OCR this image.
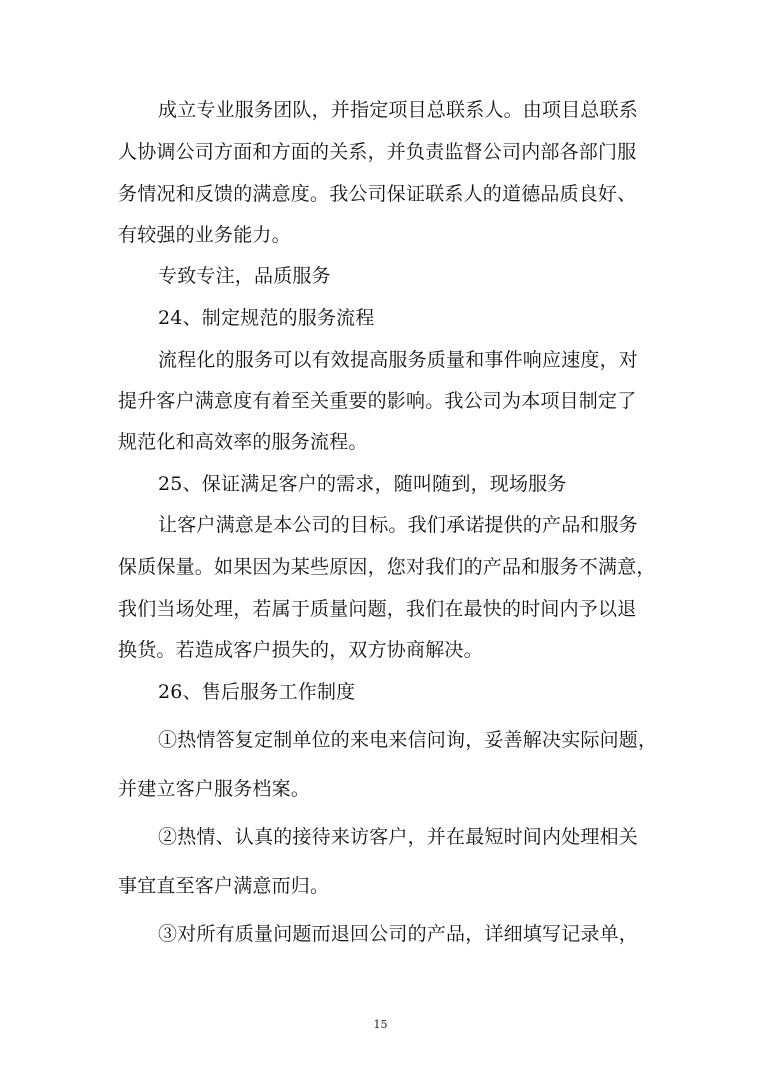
成立专业服务团队，并指定项目总联系人。由项目总联系
人协调公司方面和方面的关系，并负责监督公司内部各部门服
务情况和反馈的满意度。我公司保证联系人的道德品质良好、
有较强的业务能力。
专致专注，品质服务
24、制定规范的服务流程
流程化的服务可以有效提高服务质量和事件响应速度，对
提升客户满意度有着至关重要的影响。我公司为本项目制定了
规范化和高效率的服务流程。
25、保证满足客户的需求，随叫随到，现场服务
让客户满意是本公司的目标。我们承诺提供的产品和服务
保质保量。如果因为某些原因，您对我们的产品和服务不满意，
我们当场处理，若属于质量问题，我们在最快的时间内予以退
换货。若造成客户损失的，双方协商解决。
26、售后服务工作制度
①热情答复定制单位的来电来信问询，妥善解决实际问题，
并建立客户服务档案。
②热情、认真的接待来访客户，并在最短时间内处理相关
事宜直至客户满意而归。
③对所有质量问题而退回公司的产品，详细填写记录单，
15
